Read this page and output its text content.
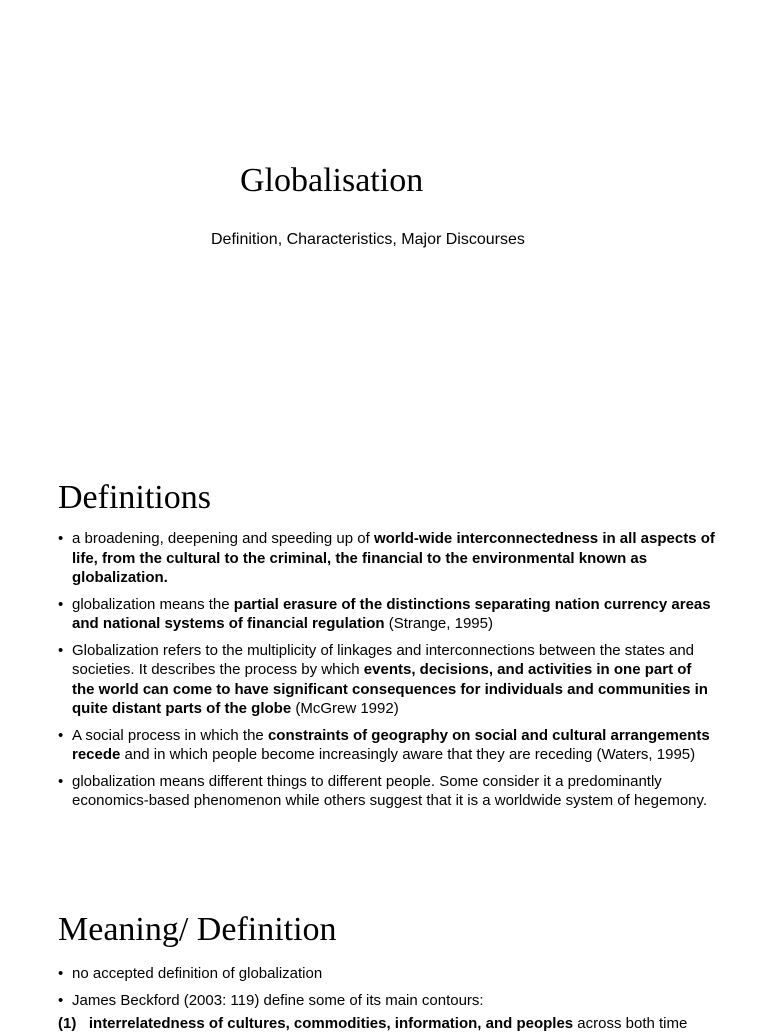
Globalisation
Definition, Characteristics, Major Discourses
Definitions
• a broadening, deepening and speeding up of world-wide interconnectedness in all aspects of life, from the cultural to the criminal, the financial to the environmental known as globalization.
• globalization means the partial erasure of the distinctions separating nation currency areas and national systems of financial regulation (Strange, 1995)
• Globalization refers to the multiplicity of linkages and interconnections between the states and societies. It describes the process by which events, decisions, and activities in one part of the world can come to have significant consequences for individuals and communities in quite distant parts of the globe (McGrew 1992)
• A social process in which the constraints of geography on social and cultural arrangements recede and in which people become increasingly aware that they are receding (Waters, 1995)
• globalization means different things to different people. Some consider it a predominantly economics-based phenomenon while others suggest that it is a worldwide system of hegemony.
Meaning/ Definition
• no accepted definition of globalization
• James Beckford (2003: 119) define some of its main contours:
(1) interrelatedness of cultures, commodities, information, and peoples across both time
